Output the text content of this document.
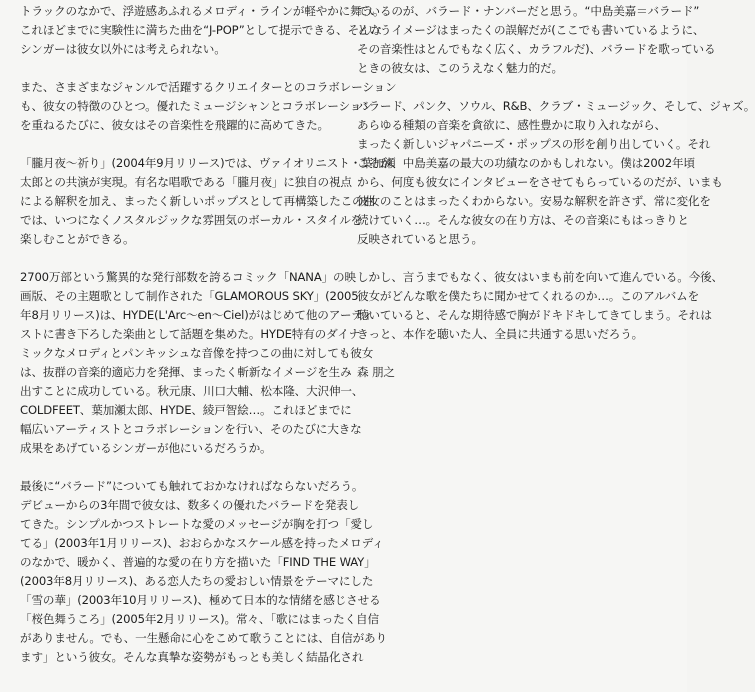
トラックのなかで、浮遊感あふれるメロディ・ラインが軽やかに舞う。
これほどまでに実験性に満ちた曲を“J-POP”として提示できる、そんな
シンガーは彼女以外には考えられない。
また、さまざまなジャンルで活躍するクリエイターとのコラボレーション
も、彼女の特徴のひとつ。優れたミュージシャンとコラボレーション
を重ねるたびに、彼女はその音楽性を飛躍的に高めてきた。
「朧月夜～祈り」(2004年9月リリース)では、ヴァイオリニスト・葉加瀬
太郎との共演が実現。有名な唱歌である「朧月夜」に独自の視点
による解釈を加え、まったく新しいポップスとして再構築したこの曲
では、いつになくノスタルジックな雰囲気のボーカル・スタイルを
楽しむことができる。
2700万部という驚異的な発行部数を誇るコミック「NANA」の映
画版、その主題歌として制作された「GLAMOROUS SKY」(2005
年8月リリース)は、HYDE(L'Arc～en～Ciel)がはじめて他のアーティ
ストに書き下ろした楽曲として話題を集めた。HYDE特有のダイナ
ミックなメロディとパンキッシュな音像を持つこの曲に対しても彼女
は、抜群の音楽的適応力を発揮、まったく斬新なイメージを生み
出すことに成功している。秋元康、川口大輔、松本隆、大沢伸一、
COLDFEET、葉加瀬太郎、HYDE、綾戸智絵…。これほどまでに
幅広いアーティストとコラボレーションを行い、そのたびに大きな
成果をあげているシンガーが他にいるだろうか。
最後に“バラード”についても触れておかなければならないだろう。
デビューからの3年間で彼女は、数多くの優れたバラードを発表し
てきた。シンプルかつストレートな愛のメッセージが胸を打つ「愛し
てる」(2003年1月リリース)、おおらかなスケール感を持ったメロディ
のなかで、暖かく、普遍的な愛の在り方を描いた「FIND THE WAY」
(2003年8月リリース)、ある恋人たちの愛おしい情景をテーマにした
「雪の華」(2003年10月リリース)、極めて日本的な情緒を感じさせる
「桜色舞うころ」(2005年2月リリース)。常々、「歌にはまったく自信
がありません。でも、一生懸命に心をこめて歌うことには、自信があり
ます」という彼女。そんな真摯な姿勢がもっとも美しく結晶化され
ているのが、バラード・ナンバーだと思う。“中島美嘉＝バラード”
というイメージはまったくの誤解だが(ここでも書いているように、
その音楽性はとんでもなく広く、カラフルだ)、バラードを歌っている
ときの彼女は、このうえなく魅力的だ。
バラード、パンク、ソウル、R&B、クラブ・ミュージック、そして、ジャズ。
あらゆる種類の音楽を貪欲に、感性豊かに取り入れながら、
まったく新しいジャパニーズ・ポップスの形を創り出していく。それ
こそが、中島美嘉の最大の功績なのかもしれない。僕は2002年頃
から、何度も彼女にインタビューをさせてもらっているのだが、いまも
彼女のことはまったくわからない。安易な解釈を許さず、常に変化を
続けていく…。そんな彼女の在り方は、その音楽にもはっきりと
反映されていると思う。
しかし、言うまでもなく、彼女はいまも前を向いて進んでいる。今後、
彼女がどんな歌を僕たちに聞かせてくれるのか…。このアルバムを
聴いていると、そんな期待感で胸がドキドキしてきてしまう。それは
きっと、本作を聴いた人、全員に共通する思いだろう。
森 朋之
